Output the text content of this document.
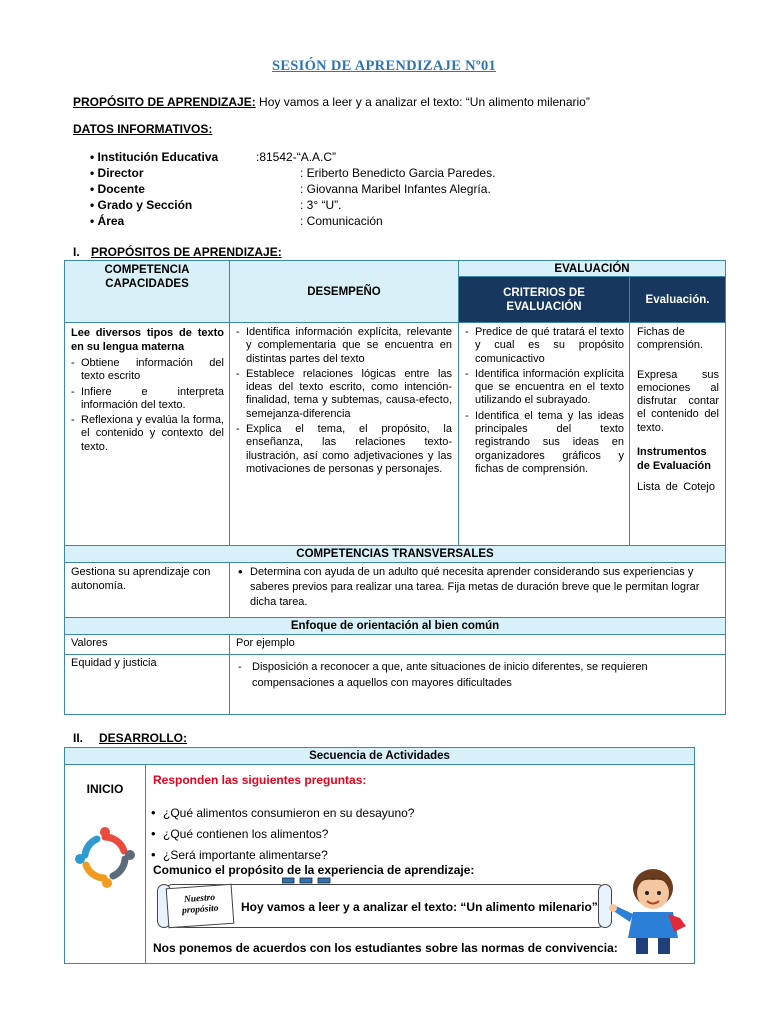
SESIÓN DE APRENDIZAJE Nº01
PROPÓSITO DE APRENDIZAJE: Hoy vamos a leer y a analizar el texto: “Un alimento milenario”
DATOS INFORMATIVOS:
• Institución Educativa	:81542-“A.A.C”
• Director	: Eriberto Benedicto Garcia Paredes.
• Docente	: Giovanna Maribel Infantes Alegría.
• Grado y Sección	: 3° “U”.
• Área	: Comunicación
I. PROPÓSITOS DE APRENDIZAJE:
COMPETENCIA
CAPACIDADES
DESEMPEÑO
EVALUACIÓN
CRITERIOS DE EVALUACIÓN
Evaluación.
Lee diversos tipos de texto en su lengua materna
- Obtiene información del texto escrito
- Infiere e interpreta información del texto.
- Reflexiona y evalúa la forma, el contenido y contexto del texto.
- Identifica información explícita, relevante y complementaria que se encuentra en distintas partes del texto
- Establece relaciones lógicas entre las ideas del texto escrito, como intención-finalidad, tema y subtemas, causa-efecto, semejanza-diferencia
- Explica el tema, el propósito, la enseñanza, las relaciones texto-ilustración, así como adjetivaciones y las motivaciones de personas y personajes.
- Predice de qué tratará el texto y cual es su propósito comunicactivo
- Identifica información explícita que se encuentra en el texto utilizando el subrayado.
- Identifica el tema y las ideas principales del texto registrando sus ideas en organizadores gráficos y fichas de comprensión.
Fichas de comprensión.
Expresa sus emociones al disfrutar contar el contenido del texto.
Instrumentos de Evaluación
Lista de Cotejo
COMPETENCIAS TRANSVERSALES
Gestiona su aprendizaje con autonomía.
• Determina con ayuda de un adulto qué necesita aprender considerando sus experiencias y saberes previos para realizar una tarea. Fija metas de duración breve que le permitan lograr dicha tarea.
Enfoque de orientación al bien común
Valores	Por ejemplo
Equidad y justicia
-	Disposición a reconocer a que, ante situaciones de inicio diferentes, se requieren compensaciones a aquellos con mayores dificultades
II. DESARROLLO:
Secuencia de Actividades
INICIO
Responden las siguientes preguntas:
• ¿Qué alimentos consumieron en su desayuno?
• ¿Qué contienen los alimentos?
• ¿Será importante alimentarse?
Comunico el propósito de la experiencia de aprendizaje:
Nos ponemos de acuerdos con los estudiantes sobre las normas de convivencia:
Nuestro propósito	Hoy vamos a leer y a analizar el texto: “Un alimento milenario”
